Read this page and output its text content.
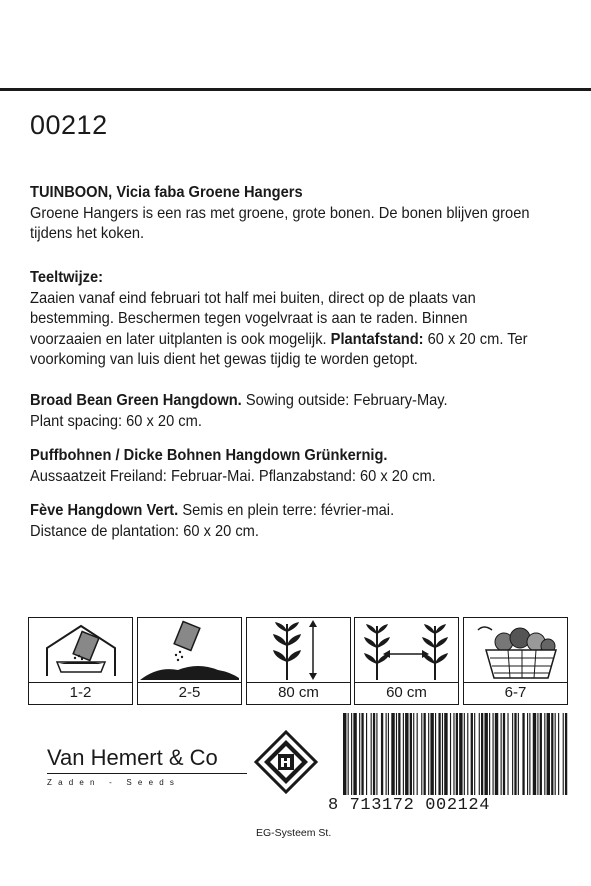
00212
TUINBOON, Vicia faba Groene Hangers
Groene Hangers is een ras met groene, grote bonen. De bonen blijven groen tijdens het koken.
Teeltwijze:
Zaaien vanaf eind februari tot half mei buiten, direct op de plaats van bestemming. Beschermen tegen vogelvraat is aan te raden. Binnen voorzaaien en later uitplanten is ook mogelijk. Plantafstand: 60 x 20 cm. Ter voorkoming van luis dient het gewas tijdig te worden getopt.
Broad Bean Green Hangdown. Sowing outside: February-May.
Plant spacing: 60 x 20 cm.
Puffbohnen / Dicke Bohnen Hangdown Grünkernig.
Aussaatzeit Freiland: Februar-Mai. Pflanzabstand: 60 x 20 cm.
Fève Hangdown Vert. Semis en plein terre: février-mai.
Distance de plantation: 60 x 20 cm.
1-2	2-5	80 cm	60 cm	6-7
Van Hemert & Co
Zaden - Seeds
8 713172 002124
EG-Systeem St.
